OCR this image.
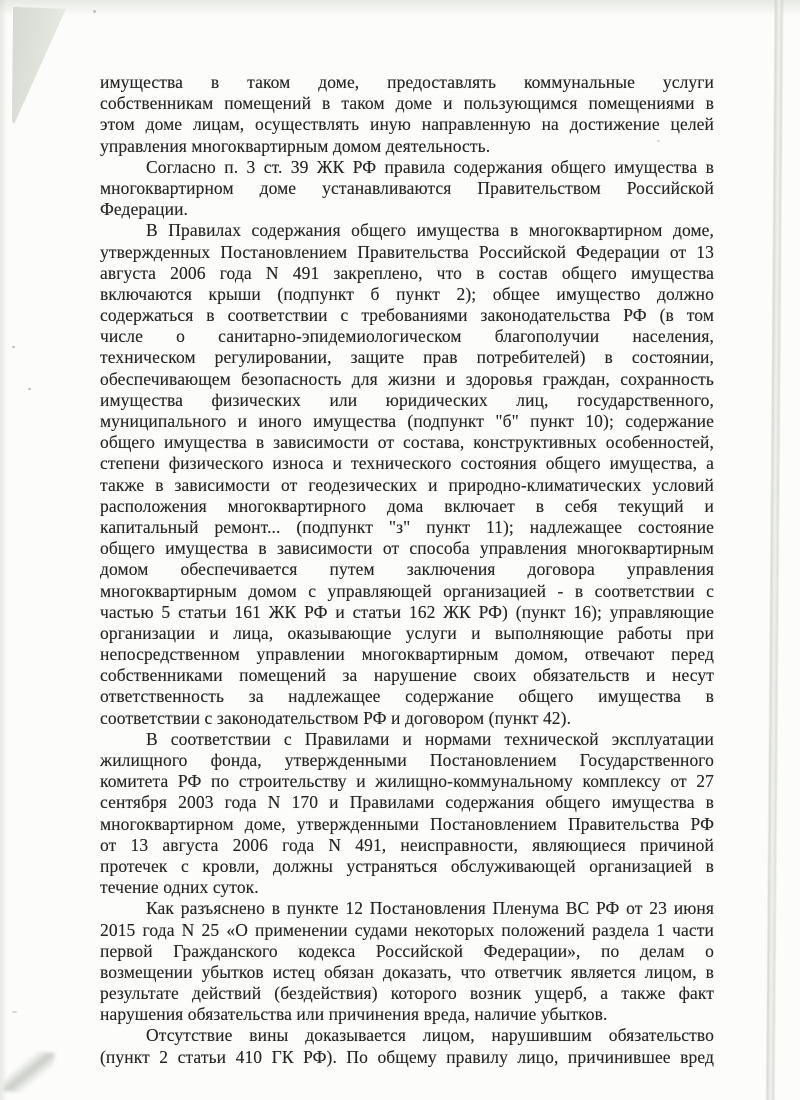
имущества в таком доме, предоставлять коммунальные услуги
собственникам помещений в таком доме и пользующимся помещениями в
этом доме лицам, осуществлять иную направленную на достижение целей
управления многоквартирным домом деятельность.

Согласно п. 3 ст. 39 ЖК РФ правила содержания общего имущества в
многоквартирном доме устанавливаются Правительством Российской
Федерации.

В Правилах содержания общего имущества в многоквартирном доме,
утвержденных Постановлением Правительства Российской Федерации от 13
августа 2006 года N 491 закреплено, что в состав общего имущества
включаются крыши (подпункт б пункт 2); общее имущество должно
содержаться в соответствии с требованиями законодательства РФ (в том
числе о санитарно-эпидемиологическом благополучии населения,
техническом регулировании, защите прав потребителей) в состоянии,
обеспечивающем безопасность для жизни и здоровья граждан, сохранность
имущества физических или юридических лиц, государственного,
муниципального и иного имущества (подпункт "б" пункт 10); содержание
общего имущества в зависимости от состава, конструктивных особенностей,
степени физического износа и технического состояния общего имущества, а
также в зависимости от геодезических и природно-климатических условий
расположения многоквартирного дома включает в себя текущий и
капитальный ремонт... (подпункт "з" пункт 11); надлежащее состояние
общего имущества в зависимости от способа управления многоквартирным
домом обеспечивается путем заключения договора управления
многоквартирным домом с управляющей организацией - в соответствии с
частью 5 статьи 161 ЖК РФ и статьи 162 ЖК РФ) (пункт 16); управляющие
организации и лица, оказывающие услуги и выполняющие работы при
непосредственном управлении многоквартирным домом, отвечают перед
собственниками помещений за нарушение своих обязательств и несут
ответственность за надлежащее содержание общего имущества в
соответствии с законодательством РФ и договором (пункт 42).

В соответствии с Правилами и нормами технической эксплуатации
жилищного фонда, утвержденными Постановлением Государственного
комитета РФ по строительству и жилищно-коммунальному комплексу от 27
сентября 2003 года N 170 и Правилами содержания общего имущества в
многоквартирном доме, утвержденными Постановлением Правительства РФ
от 13 августа 2006 года N 491, неисправности, являющиеся причиной
протечек с кровли, должны устраняться обслуживающей организацией в
течение одних суток.

Как разъяснено в пункте 12 Постановления Пленума ВС РФ от 23 июня
2015 года N 25 «О применении судами некоторых положений раздела 1 части
первой Гражданского кодекса Российской Федерации», по делам о
возмещении убытков истец обязан доказать, что ответчик является лицом, в
результате действий (бездействия) которого возник ущерб, а также факт
нарушения обязательства или причинения вреда, наличие убытков.

Отсутствие вины доказывается лицом, нарушившим обязательство
(пункт 2 статьи 410 ГК РФ). По общему правилу лицо, причинившее вред
